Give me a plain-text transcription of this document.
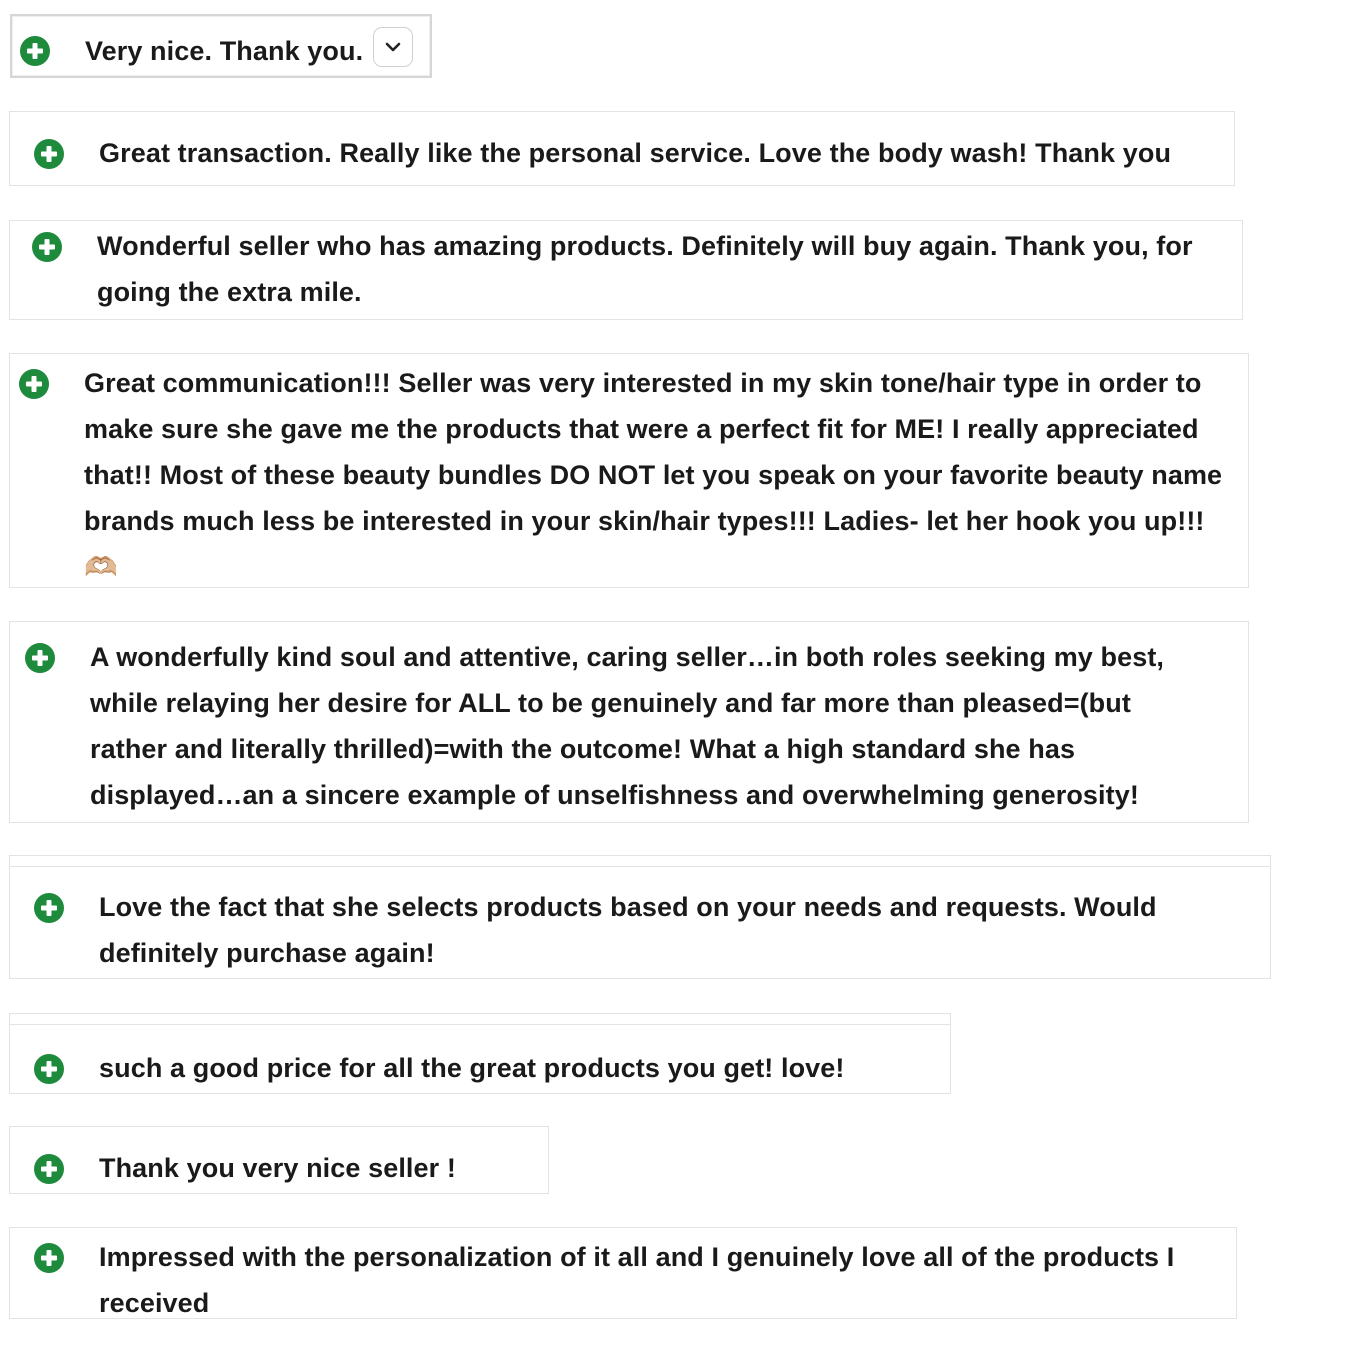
Very nice. Thank you.
Great transaction. Really like the personal service. Love the body wash! Thank you
Wonderful seller who has amazing products. Definitely will buy again. Thank you, for going the extra mile.
Great communication!!! Seller was very interested in my skin tone/hair type in order to make sure she gave me the products that were a perfect fit for ME! I really appreciated that!! Most of these beauty bundles DO NOT let you speak on your favorite beauty name brands much less be interested in your skin/hair types!!! Ladies- let her hook you up!!!🫶🏼
A wonderfully kind soul and attentive, caring seller…in both roles seeking my best, while relaying her desire for ALL to be genuinely and far more than pleased=(but rather and literally thrilled)=with the outcome! What a high standard she has displayed…an a sincere example of unselfishness and overwhelming generosity!
Love the fact that she selects products based on your needs and requests. Would definitely purchase again!
such a good price for all the great products you get! love!
Thank you very nice seller !
Impressed with the personalization of it all and I genuinely love all of the products I received
